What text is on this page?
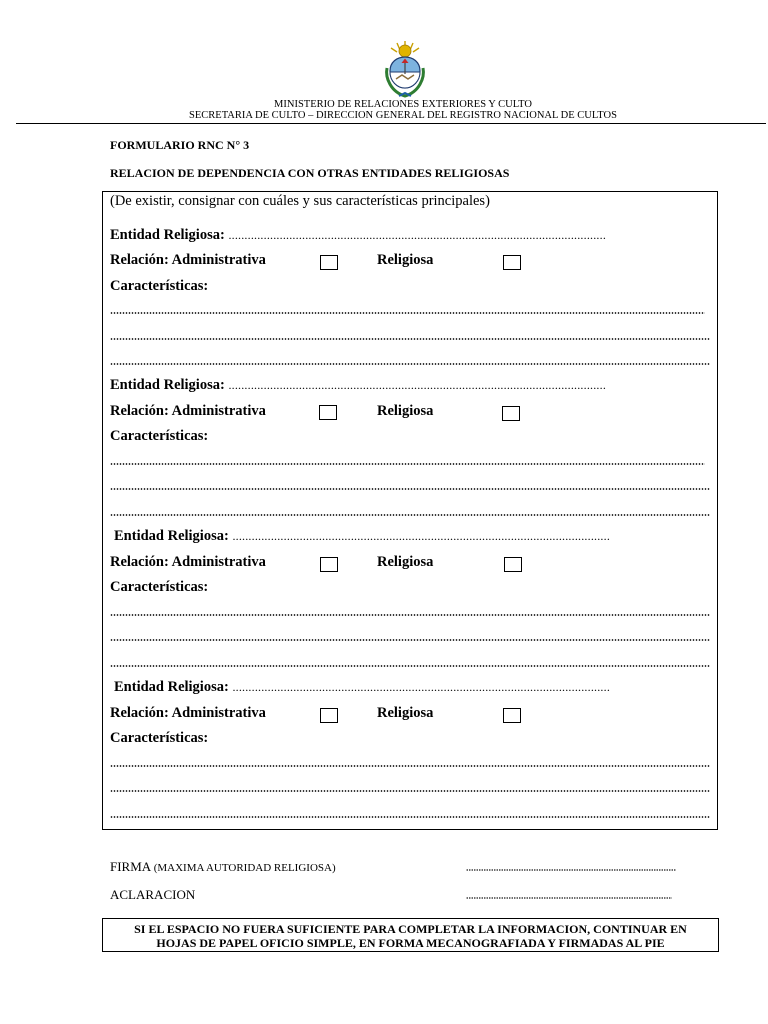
MINISTERIO DE RELACIONES EXTERIORES Y CULTO
SECRETARIA DE CULTO – DIRECCION GENERAL DEL REGISTRO NACIONAL DE CULTOS
FORMULARIO RNC N° 3
RELACION DE DEPENDENCIA CON OTRAS ENTIDADES RELIGIOSAS
(De existir, consignar con cuáles y sus características principales)
Entidad Religiosa: ......................................................................................................................
Relación: Administrativa	Religiosa
Características:
Entidad Religiosa: ......................................................................................................................
Relación: Administrativa	Religiosa
Características:
Entidad Religiosa: ......................................................................................................................
Relación: Administrativa	Religiosa
Características:
Entidad Religiosa: ......................................................................................................................
Relación: Administrativa	Religiosa
Características:
FIRMA (MAXIMA AUTORIDAD RELIGIOSA)
ACLARACION
SI EL ESPACIO NO FUERA SUFICIENTE PARA COMPLETAR LA INFORMACION, CONTINUAR EN
HOJAS DE PAPEL OFICIO SIMPLE, EN FORMA MECANOGRAFIADA Y FIRMADAS AL PIE
